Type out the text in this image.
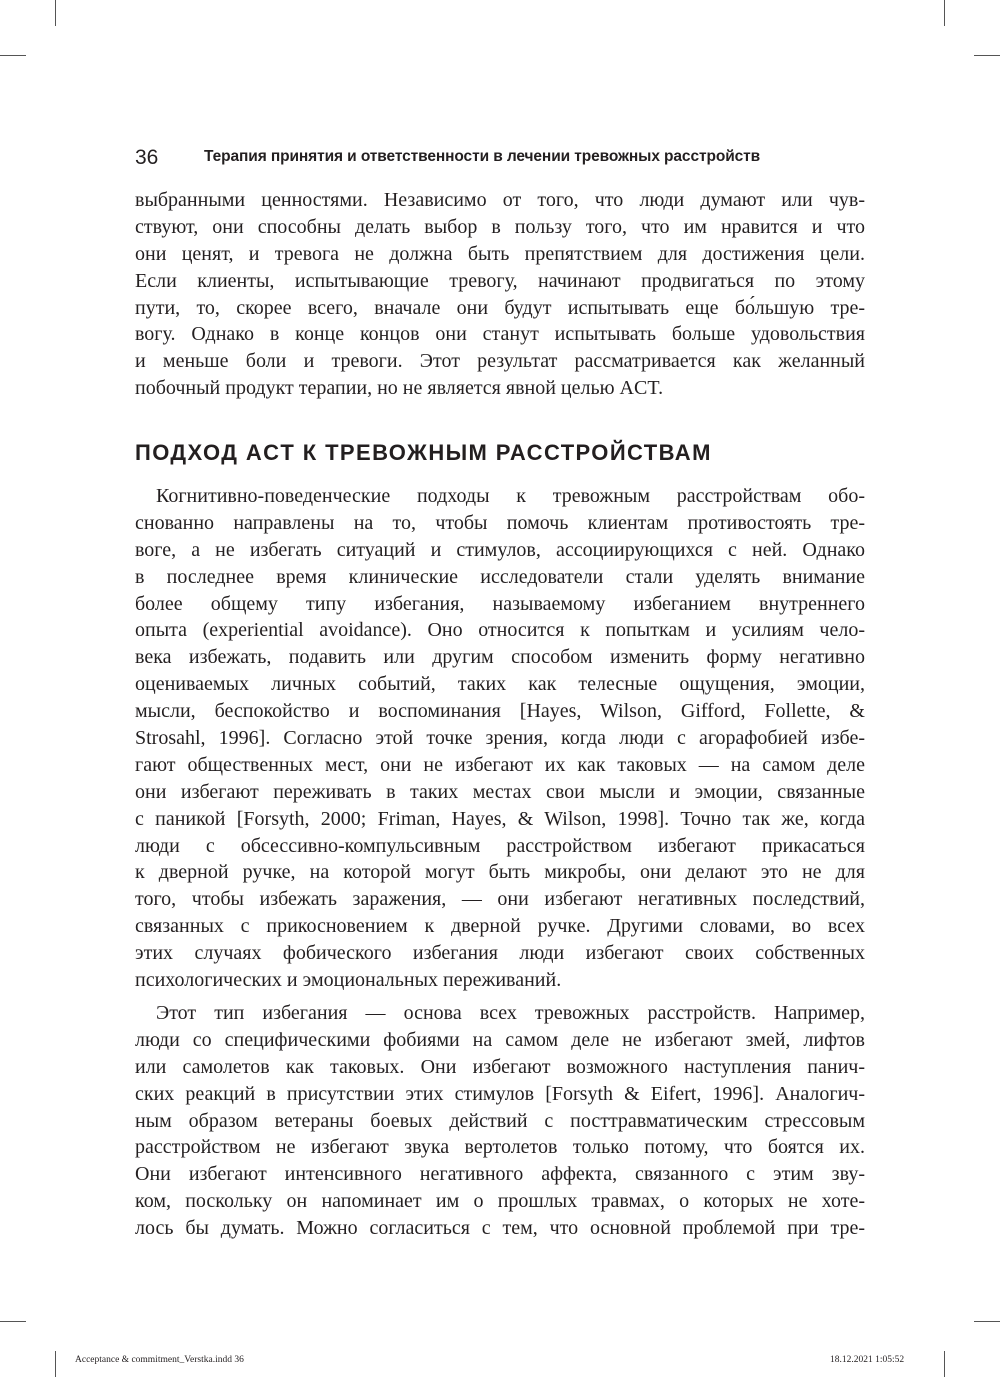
36	Терапия принятия и ответственности в лечении тревожных расстройств
выбранными ценностями. Независимо от того, что люди думают или чув-
ствуют, они способны делать выбор в пользу того, что им нравится и что
они ценят, и тревога не должна быть препятствием для достижения цели.
Если клиенты, испытывающие тревогу, начинают продвигаться по этому
пути, то, скорее всего, вначале они будут испытывать еще бо́льшую тре-
вогу. Однако в конце концов они станут испытывать больше удовольствия
и меньше боли и тревоги. Этот результат рассматривается как желанный
побочный продукт терапии, но не является явной целью ACT.
ПОДХОД ACT К ТРЕВОЖНЫМ РАССТРОЙСТВАМ
Когнитивно-поведенческие подходы к тревожным расстройствам обо-
снованно направлены на то, чтобы помочь клиентам противостоять тре-
воге, а не избегать ситуаций и стимулов, ассоциирующихся с ней. Однако
в последнее время клинические исследователи стали уделять внимание
более общему типу избегания, называемому избеганием внутреннего
опыта (experiential avoidance). Оно относится к попыткам и усилиям чело-
века избежать, подавить или другим способом изменить форму негативно
оцениваемых личных событий, таких как телесные ощущения, эмоции,
мысли, беспокойство и воспоминания [Hayes, Wilson, Gifford, Follette, &
Strosahl, 1996]. Согласно этой точке зрения, когда люди с агорафобией избе-
гают общественных мест, они не избегают их как таковых — на самом деле
они избегают переживать в таких местах свои мысли и эмоции, связанные
с паникой [Forsyth, 2000; Friman, Hayes, & Wilson, 1998]. Точно так же, когда
люди с обсессивно-компульсивным расстройством избегают прикасаться
к дверной ручке, на которой могут быть микробы, они делают это не для
того, чтобы избежать заражения, — они избегают негативных последствий,
связанных с прикосновением к дверной ручке. Другими словами, во всех
этих случаях фобического избегания люди избегают своих собственных
психологических и эмоциональных переживаний.
Этот тип избегания — основа всех тревожных расстройств. Например,
люди со специфическими фобиями на самом деле не избегают змей, лифтов
или самолетов как таковых. Они избегают возможного наступления панич-
ских реакций в присутствии этих стимулов [Forsyth & Eifert, 1996]. Аналогич-
ным образом ветераны боевых действий с посттравматическим стрессовым
расстройством не избегают звука вертолетов только потому, что боятся их.
Они избегают интенсивного негативного аффекта, связанного с этим зву-
ком, поскольку он напоминает им о прошлых травмах, о которых не хоте-
лось бы думать. Можно согласиться с тем, что основной проблемой при тре-
Acceptance & commitment_Verstka.indd 36	18.12.2021 1:05:52
